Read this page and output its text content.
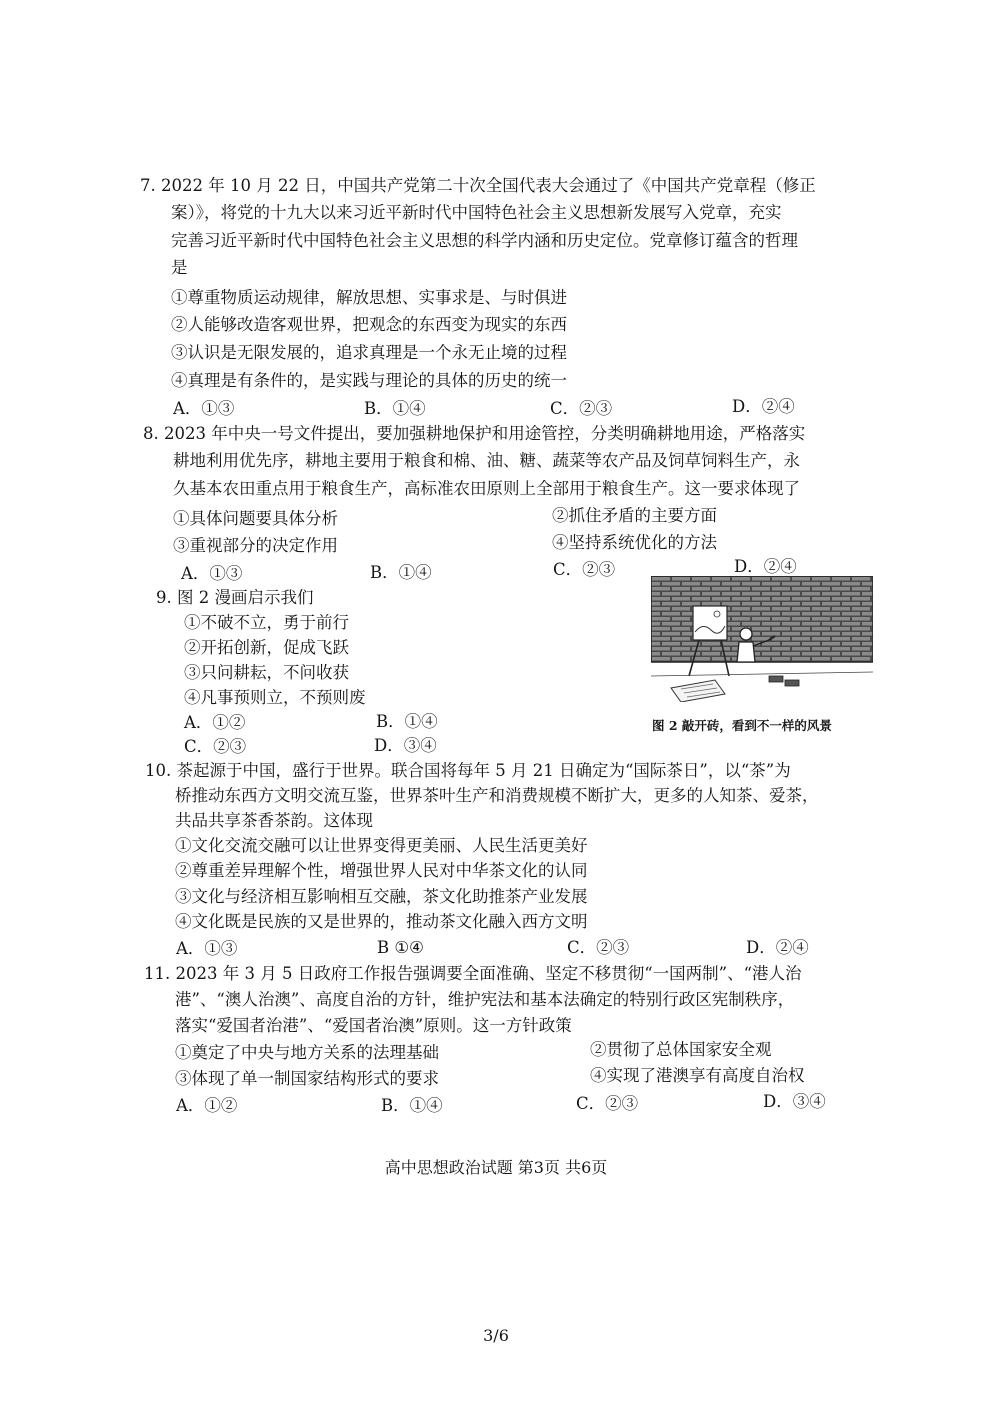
7. 2022 年 10 月 22 日，中国共产党第二十次全国代表大会通过了《中国共产党章程（修正
案）》，将党的十九大以来习近平新时代中国特色社会主义思想新发展写入党章，充实
完善习近平新时代中国特色社会主义思想的科学内涵和历史定位。党章修订蕴含的哲理
是
①尊重物质运动规律，解放思想、实事求是、与时俱进
②人能够改造客观世界，把观念的东西变为现实的东西
③认识是无限发展的，追求真理是一个永无止境的过程
④真理是有条件的，是实践与理论的具体的历史的统一
A．①③	B．①④	C．②③	D．②④
8. 2023 年中央一号文件提出，要加强耕地保护和用途管控，分类明确耕地用途，严格落实
耕地利用优先序，耕地主要用于粮食和棉、油、糖、蔬菜等农产品及饲草饲料生产，永
久基本农田重点用于粮食生产，高标准农田原则上全部用于粮食生产。这一要求体现了
①具体问题要具体分析	②抓住矛盾的主要方面
③重视部分的决定作用	④坚持系统优化的方法
A．①③	B．①④	C．②③	D．②④
9. 图 2 漫画启示我们
①不破不立，勇于前行
②开拓创新，促成飞跃
③只问耕耘，不问收获
④凡事预则立，不预则废
A．①②	B．①④
C．②③	D．③④
图 2 敲开砖，看到不一样的风景
10. 茶起源于中国，盛行于世界。联合国将每年 5 月 21 日确定为“国际茶日”，以“茶”为
桥推动东西方文明交流互鉴，世界茶叶生产和消费规模不断扩大，更多的人知茶、爱茶，
共品共享茶香茶韵。这体现
①文化交流交融可以让世界变得更美丽、人民生活更美好
②尊重差异理解个性，增强世界人民对中华茶文化的认同
③文化与经济相互影响相互交融，茶文化助推茶产业发展
④文化既是民族的又是世界的，推动茶文化融入西方文明
A．①③	B ①④	C．②③	D．②④
11. 2023 年 3 月 5 日政府工作报告强调要全面准确、坚定不移贯彻“一国两制”、“港人治
港”、“澳人治澳”、高度自治的方针，维护宪法和基本法确定的特别行政区宪制秩序，
落实“爱国者治港”、“爱国者治澳”原则。这一方针政策
①奠定了中央与地方关系的法理基础	②贯彻了总体国家安全观
③体现了单一制国家结构形式的要求	④实现了港澳享有高度自治权
A．①②	B．①④	C．②③	D．③④
高中思想政治试题 第3页 共6页
3/6
